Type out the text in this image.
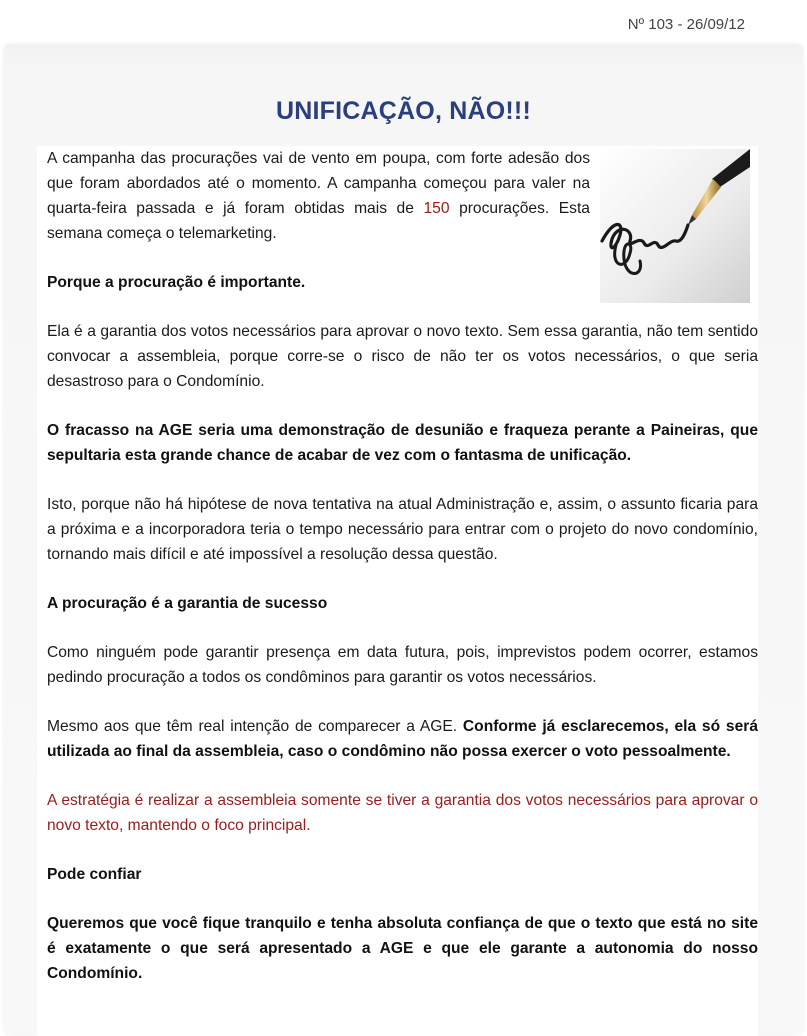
Nº 103 - 26/09/12
UNIFICAÇÃO, NÃO!!!

A campanha das procurações vai de vento em poupa, com forte adesão dos que foram abordados até o momento. A campanha começou para valer na quarta-feira passada e já foram obtidas mais de 150 procurações. Esta semana começa o telemarketing.

Porque a procuração é importante.

Ela é a garantia dos votos necessários para aprovar o novo texto. Sem essa garantia, não tem sentido convocar a assembleia, porque corre-se o risco de não ter os votos necessários, o que seria desastroso para o Condomínio.

O fracasso na AGE seria uma demonstração de desunião e fraqueza perante a Paineiras, que sepultaria esta grande chance de acabar de vez com o fantasma de unificação.

Isto, porque não há hipótese de nova tentativa na atual Administração e, assim, o assunto ficaria para a próxima e a incorporadora teria o tempo necessário para entrar com o projeto do novo condomínio, tornando mais difícil e até impossível a resolução dessa questão.

A procuração é a garantia de sucesso

Como ninguém pode garantir presença em data futura, pois, imprevistos podem ocorrer, estamos pedindo procuração a todos os condôminos para garantir os votos necessários.

Mesmo aos que têm real intenção de comparecer a AGE. Conforme já esclarecemos, ela só será utilizada ao final da assembleia, caso o condômino não possa exercer o voto pessoalmente.

A estratégia é realizar a assembleia somente se tiver a garantia dos votos necessários para aprovar o novo texto, mantendo o foco principal.

Pode confiar

Queremos que você fique tranquilo e tenha absoluta confiança de que o texto que está no site é exatamente o que será apresentado a AGE e que ele garante a autonomia do nosso Condomínio.
